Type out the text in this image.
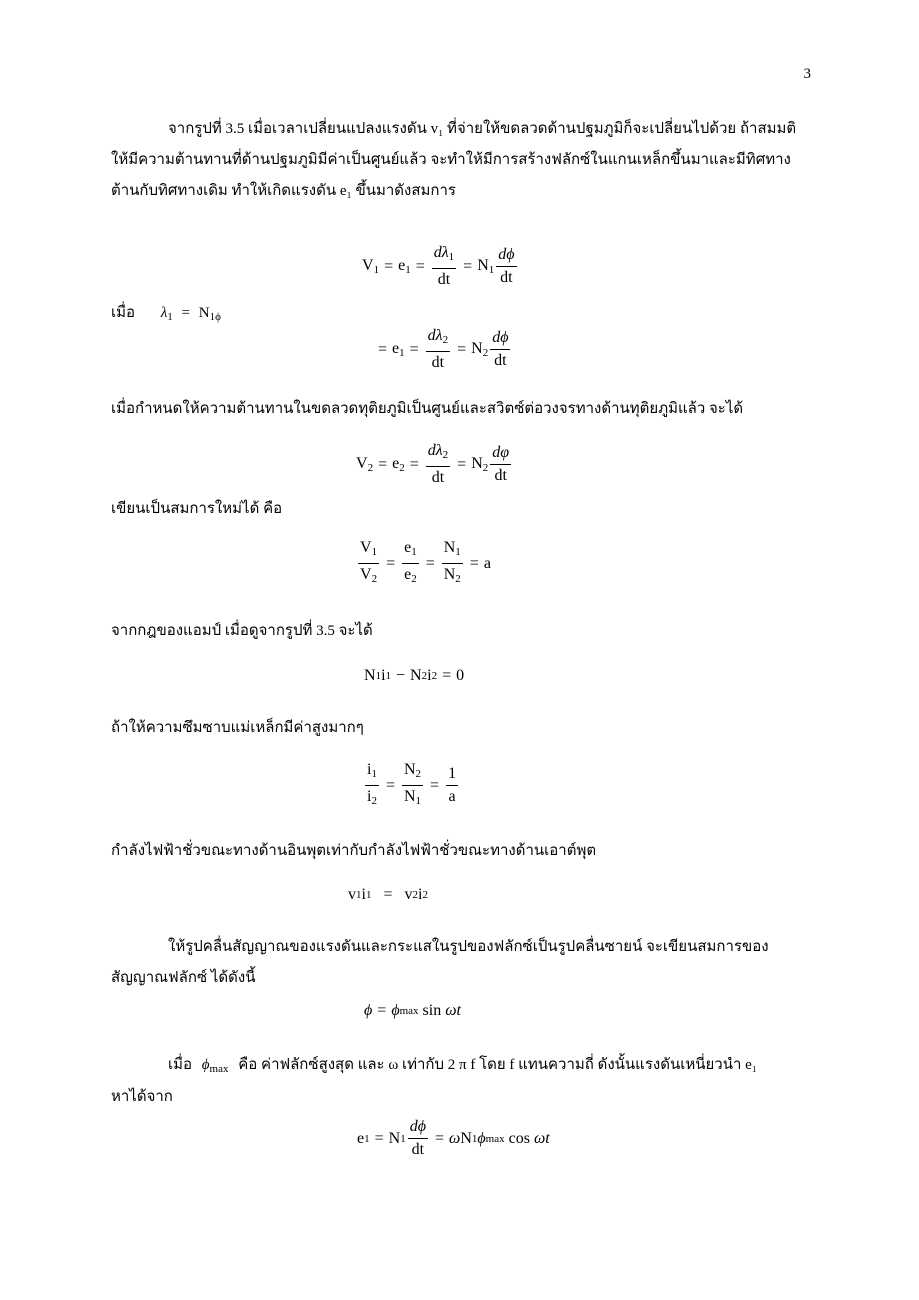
3
จากรูปที่ 3.5 เมื่อเวลาเปลี่ยนแปลงแรงดัน v₁ ที่จ่ายให้ขดลวดด้านปฐมภูมิก็จะเปลี่ยนไปด้วย ถ้าสมมติให้มีความต้านทานที่ด้านปฐมภูมิมีค่าเป็นศูนย์แล้ว จะทำให้มีการสร้างฟลักซ์ในแกนเหล็กขึ้นมาและมีทิศทางต้านกับทิศทางเดิม ทำให้เกิดแรงดัน e₁ ขึ้นมาดังสมการ
$V_1 = e_1 = \frac{d\lambda_1}{dt} = N_1 \frac{d\phi}{dt}$
เมื่อ $\lambda_1 = N_{1\phi}$
= $e_1 = \frac{d\lambda_2}{dt} = N_2 \frac{d\phi}{dt}$
เมื่อกำหนดให้ความต้านทานในขดลวดทุติยภูมิเป็นศูนย์และสวิตซ์ต่อวงจรทางด้านทุติยภูมิแล้ว จะได้
$V_2 = e_2 = \frac{d\lambda_2}{dt} = N_2 \frac{d\varphi}{dt}$
เขียนเป็นสมการใหม่ได้ คือ
$\frac{V_1}{V_2} = \frac{e_1}{e_2} = \frac{N_1}{N_2} = a$
จากกฎของแอมป์ เมื่อดูจากรูปที่ 3.5 จะได้
N 1 i 1 − N 2 i 2 = 0
ถ้าให้ความซึมซาบแม่เหล็กมีค่าสูงมากๆ
$\frac{i_1}{i_2} = \frac{N_2}{N_1} = \frac{1}{a}$
กำลังไฟฟ้าชั่วขณะทางด้านอินพุตเท่ากับกำลังไฟฟ้าชั่วขณะทางด้านเอาต์พุต
v 1 i 1 = v 2 i 2
ให้รูปคลื่นสัญญาณของแรงดันและกระแสในรูปของฟลักซ์เป็นรูปคลื่นซายน์ จะเขียนสมการของสัญญาณฟลักซ์ ได้ดังนี้
ϕ = ϕ max sin ωt
เมื่อ $\phi_{max}$ คือ ค่าฟลักซ์สูงสุด และ ω เท่ากับ 2 π f โดย f แทนความถี่ ดังนั้นแรงดันเหนี่ยวนำ e₁
หาได้จาก
e 1 = N $1 \frac{d\phi}{dt} = \omega$ N 1 ϕ max cos ωt
